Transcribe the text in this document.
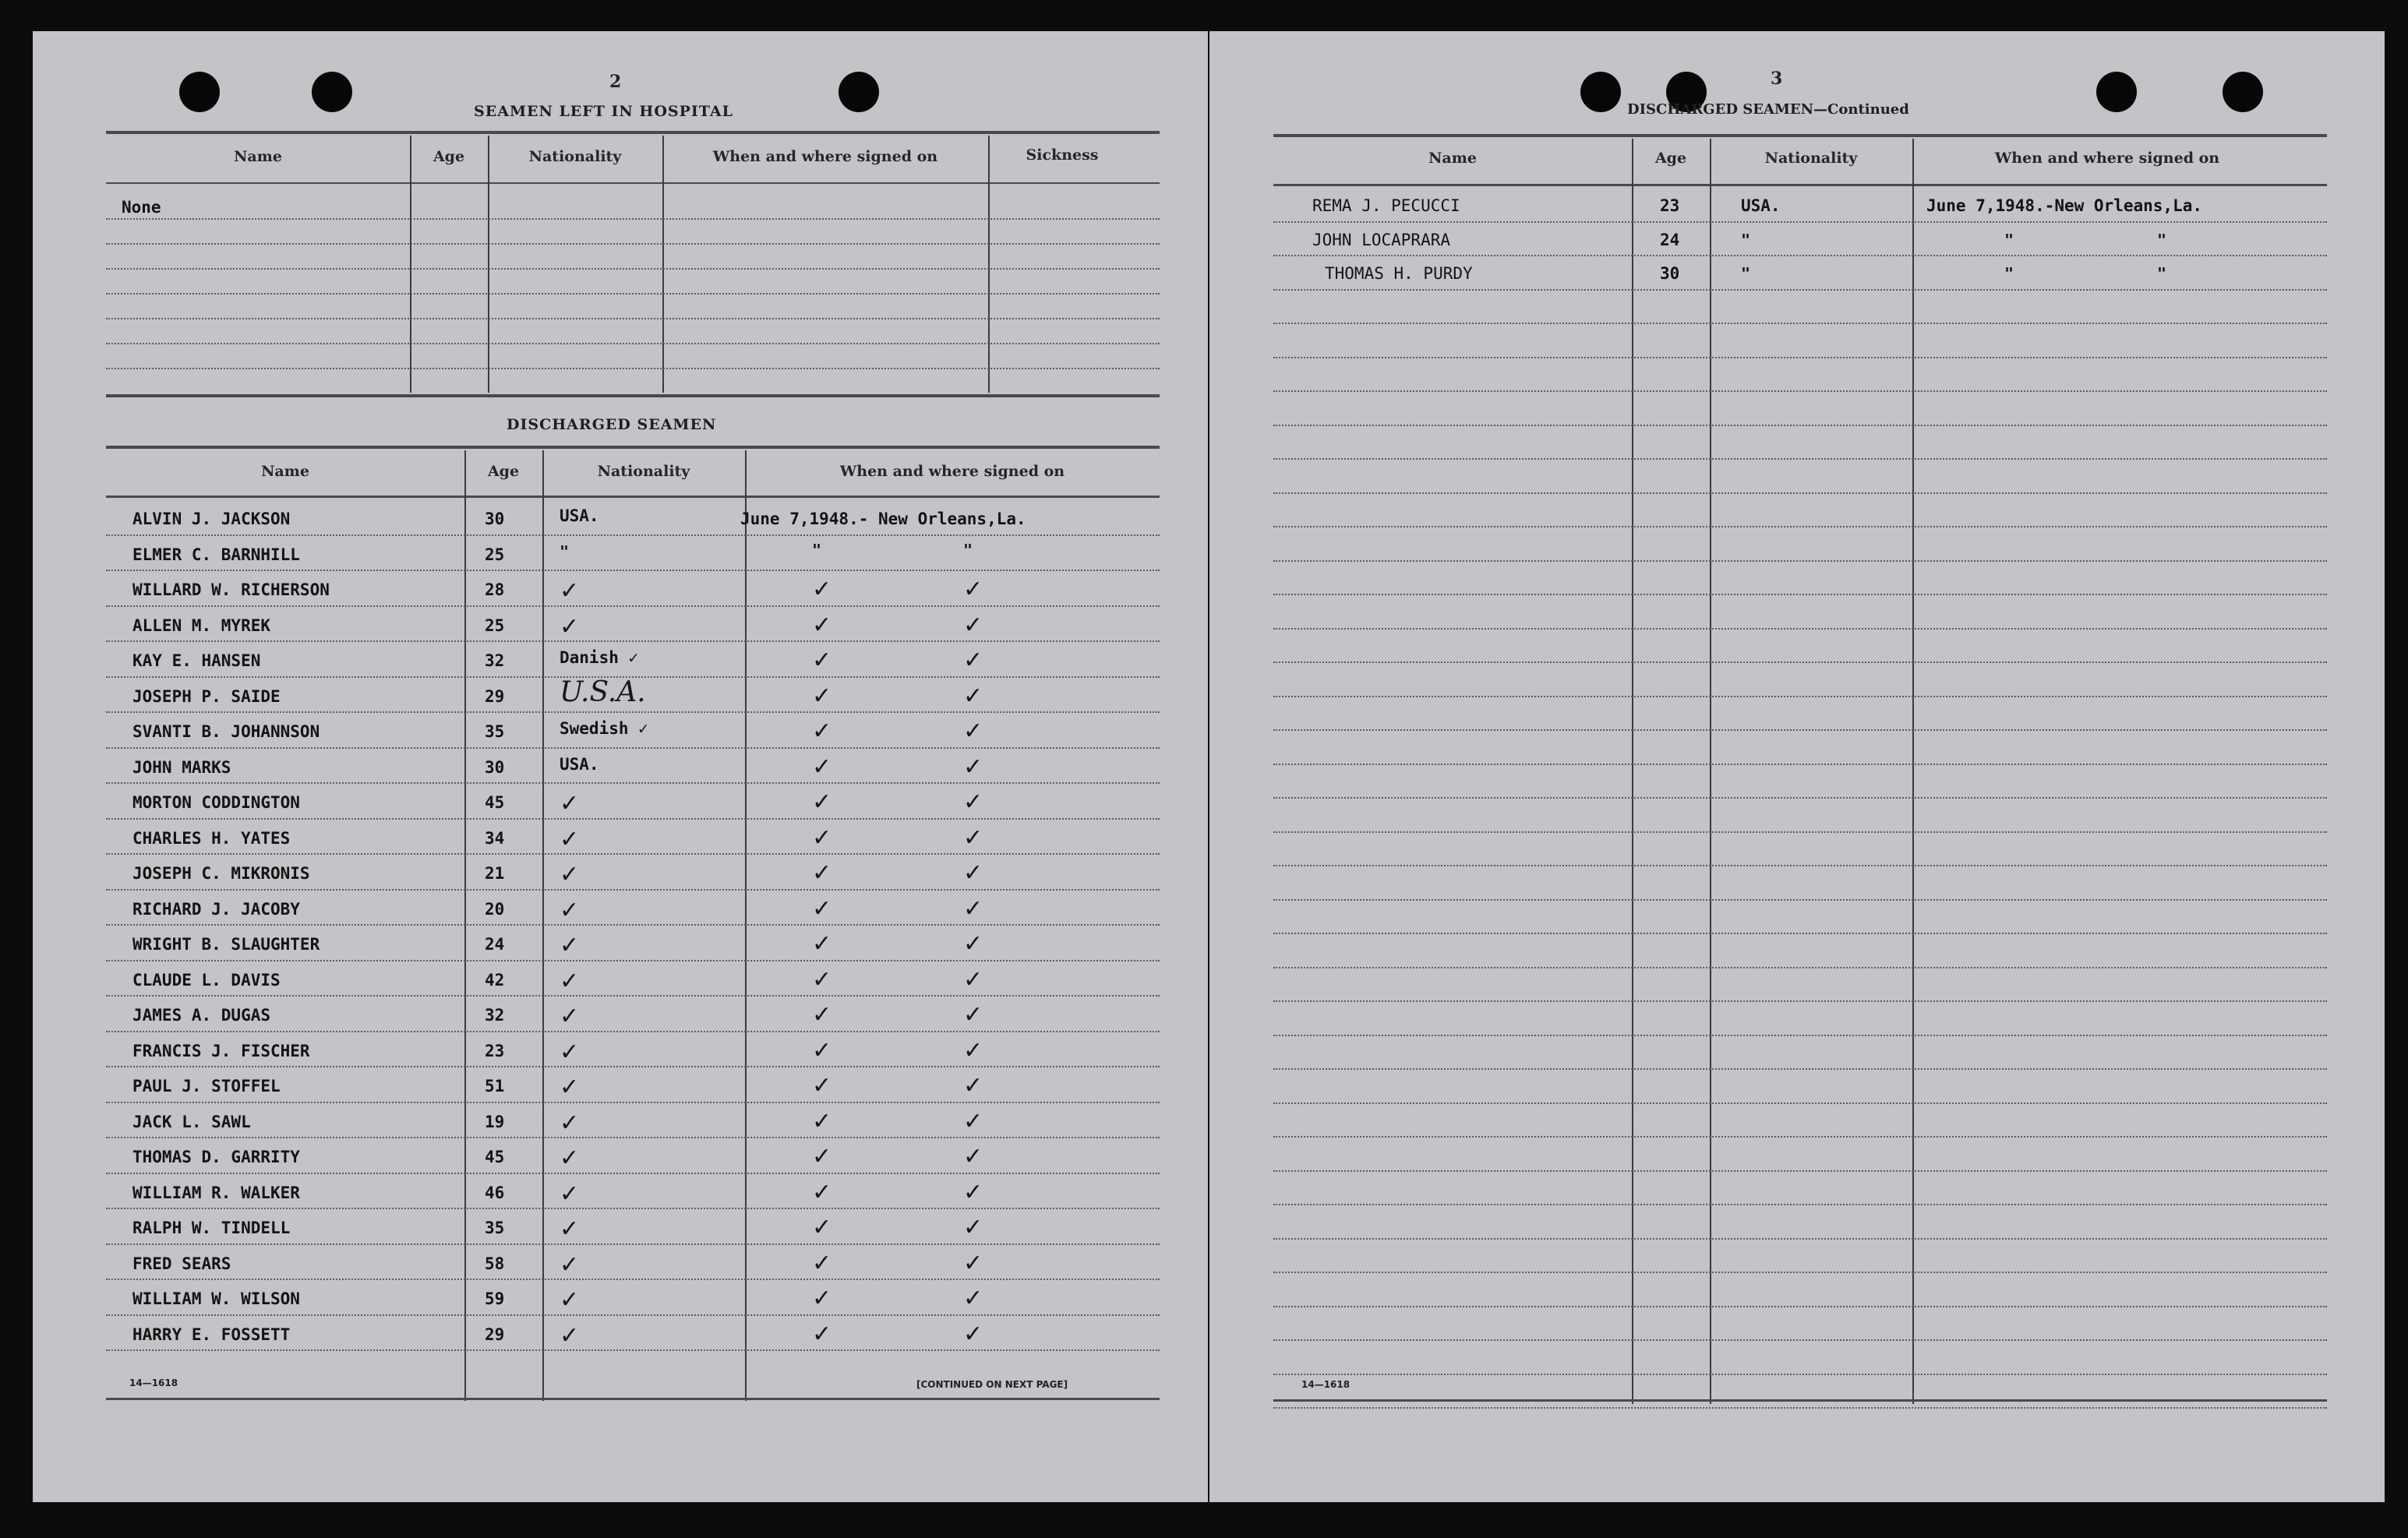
2
SEAMEN LEFT IN HOSPITAL
Name	Age	Nationality	When and where signed on	Sickness
None
DISCHARGED SEAMEN
Name	Age	Nationality	When and where signed on
14—1618	[CONTINUED ON NEXT PAGE]
ALVIN J. JACKSON	30	USA.	June 7,1948.- New Orleans,La.
ELMER C. BARNHILL	25	"	"	"
WILLARD W. RICHERSON	28 ✓	✓	✓
ALLEN M. MYREK	25 ✓	✓	✓
KAY E. HANSEN	32	Danish ✓	✓	✓
JOSEPH P. SAIDE	29 U.S.A.	✓	✓
SVANTI B. JOHANNSON	35	Swedish ✓	✓	✓
JOHN MARKS	30	USA.	✓	✓
MORTON CODDINGTON	45 ✓	✓	✓
CHARLES H. YATES	34 ✓	✓	✓
JOSEPH C. MIKRONIS	21 ✓	✓	✓
RICHARD J. JACOBY	20 ✓	✓	✓
WRIGHT B. SLAUGHTER	24 ✓	✓	✓
CLAUDE L. DAVIS	42 ✓	✓	✓
JAMES A. DUGAS	32 ✓	✓	✓
FRANCIS J. FISCHER	23 ✓	✓	✓
PAUL J. STOFFEL	51 ✓	✓	✓
JACK L. SAWL	19 ✓	✓	✓
THOMAS D. GARRITY	45 ✓	✓	✓
WILLIAM R. WALKER	46 ✓	✓	✓
RALPH W. TINDELL	35 ✓	✓	✓
FRED SEARS	58 ✓	✓	✓
WILLIAM W. WILSON	59 ✓	✓	✓
HARRY E. FOSSETT	29 ✓	✓	✓
3
DISCHARGED SEAMEN—Continued
Name	Age	Nationality	When and where signed on
14—1618
REMA J. PECUCCI	23	USA.	June 7,1948.-New Orleans,La.
JOHN LOCAPRARA	24	"	"	"
THOMAS H. PURDY	30	"	"	"
